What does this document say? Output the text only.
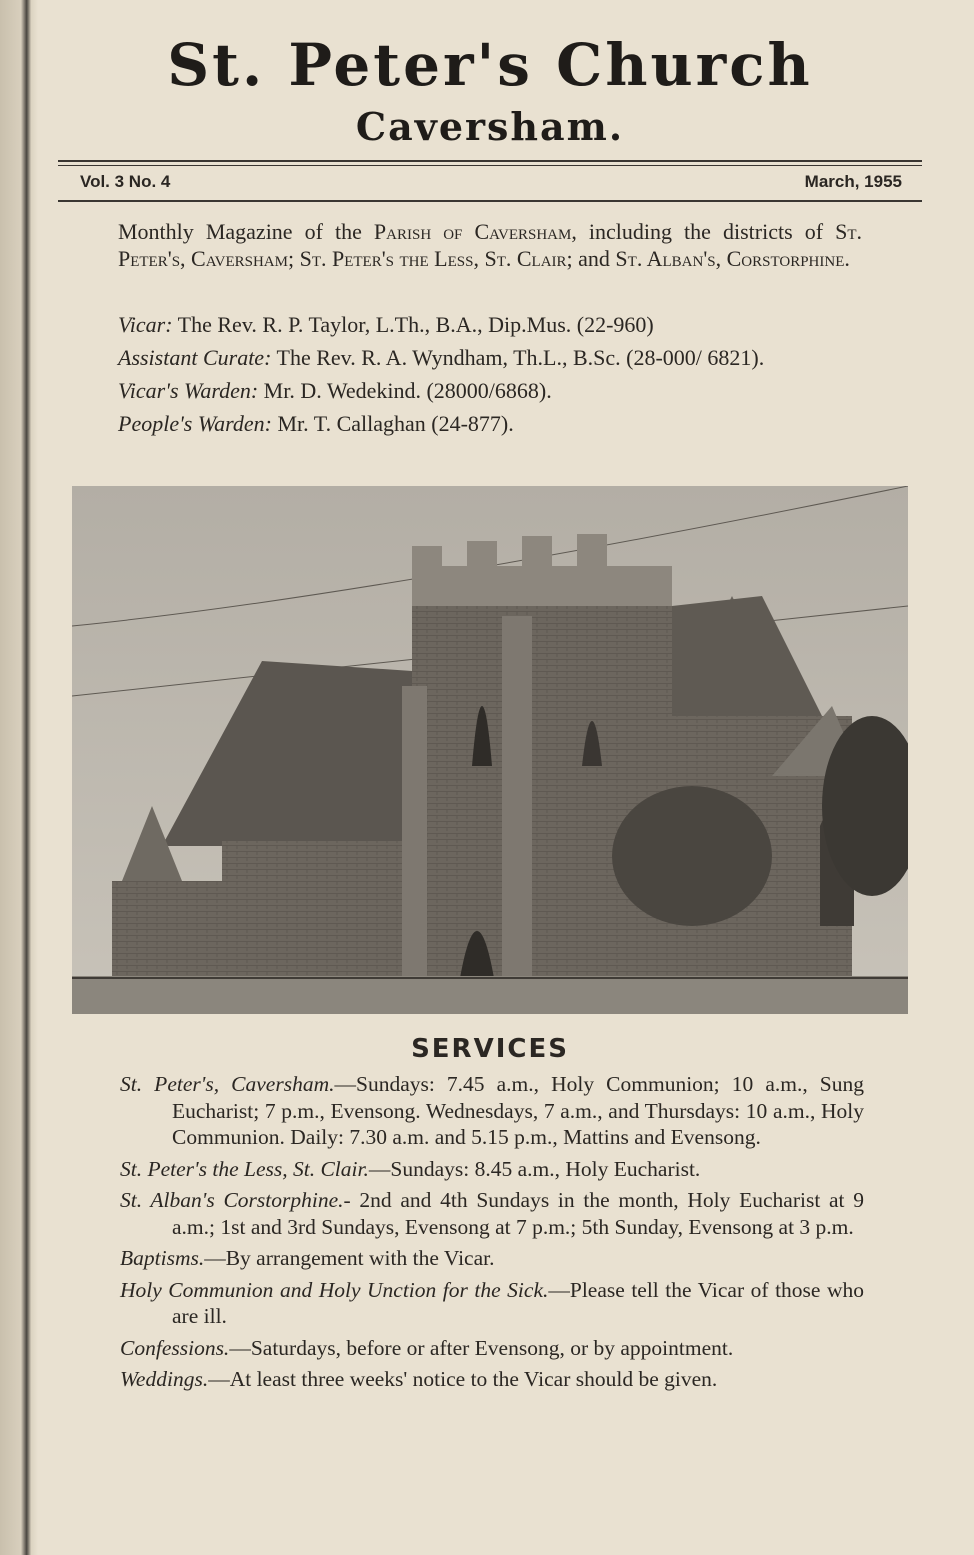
St. Peter's Church
Caversham.
Vol. 3 No. 4	March, 1955
Monthly Magazine of the Parish of Caversham, including the districts of St. Peter's, Caversham; St. Peter's the Less, St. Clair; and St. Alban's, Corstorphine.

Vicar: The Rev. R. P. Taylor, L.Th., B.A., Dip.Mus. (22-960)

Assistant Curate: The Rev. R. A. Wyndham, Th.L., B.Sc. (28-000/ 6821).

Vicar's Warden: Mr. D. Wedekind. (28000/6868).

People's Warden: Mr. T. Callaghan (24-877).

SERVICES

St. Peter's, Caversham.—Sundays: 7.45 a.m., Holy Communion; 10 a.m., Sung Eucharist; 7 p.m., Evensong. Wednesdays, 7 a.m., and Thursdays: 10 a.m., Holy Communion. Daily: 7.30 a.m. and 5.15 p.m., Mattins and Evensong.

St. Peter's the Less, St. Clair.—Sundays: 8.45 a.m., Holy Eucharist.

St. Alban's Corstorphine.- 2nd and 4th Sundays in the month, Holy Eucharist at 9 a.m.; 1st and 3rd Sundays, Evensong at 7 p.m.; 5th Sunday, Evensong at 3 p.m.

Baptisms.—By arrangement with the Vicar.

Holy Communion and Holy Unction for the Sick.—Please tell the Vicar of those who are ill.

Confessions.—Saturdays, before or after Evensong, or by appointment.

Weddings.—At least three weeks' notice to the Vicar should be given.
